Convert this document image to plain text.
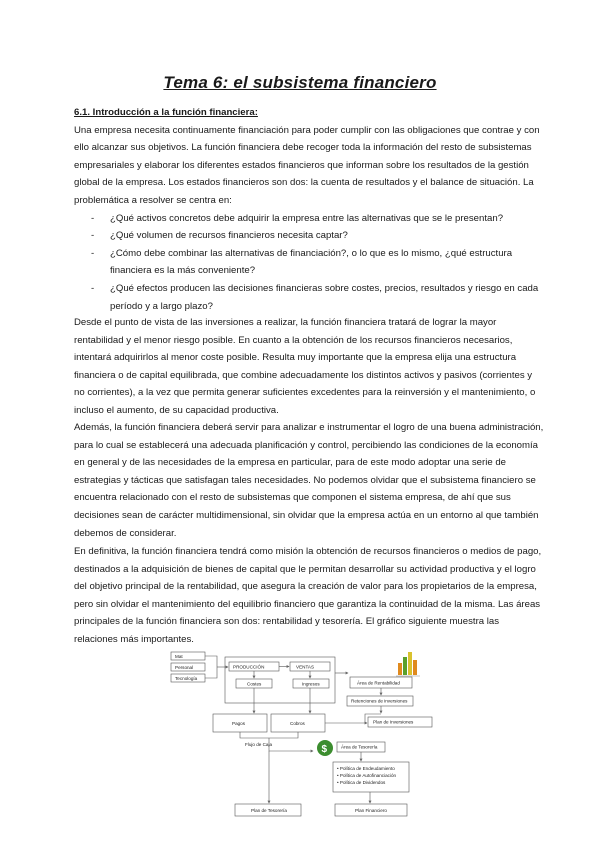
Tema 6: el subsistema financiero
6.1. Introducción a la función financiera:

Una empresa necesita continuamente financiación para poder cumplir con las obligaciones que contrae y con ello alcanzar sus objetivos. La función financiera debe recoger toda la información del resto de subsistemas empresariales y elaborar los diferentes estados financieros que informan sobre los resultados de la gestión global de la empresa. Los estados financieros son dos: la cuenta de resultados y el balance de situación. La problemática a resolver se centra en:

- ¿Qué activos concretos debe adquirir la empresa entre las alternativas que se le presentan?
- ¿Qué volumen de recursos financieros necesita captar?
- ¿Cómo debe combinar las alternativas de financiación?, o lo que es lo mismo, ¿qué estructura financiera es la más conveniente?
- ¿Qué efectos producen las decisiones financieras sobre costes, precios, resultados y riesgo en cada período y a largo plazo?

Desde el punto de vista de las inversiones a realizar, la función financiera tratará de lograr la mayor rentabilidad y el menor riesgo posible. En cuanto a la obtención de los recursos financieros necesarios, intentará adquirirlos al menor coste posible. Resulta muy importante que la empresa elija una estructura financiera o de capital equilibrada, que combine adecuadamente los distintos activos y pasivos (corrientes y no corrientes), a la vez que permita generar suficientes excedentes para la reinversión y el mantenimiento, o incluso el aumento, de su capacidad productiva.

Además, la función financiera deberá servir para analizar e instrumentar el logro de una buena administración, para lo cual se establecerá una adecuada planificación y control, percibiendo las condiciones de la economía en general y de las necesidades de la empresa en particular, para de este modo adoptar una serie de estrategias y tácticas que satisfagan tales necesidades. No podemos olvidar que el subsistema financiero se encuentra relacionado con el resto de subsistemas que componen el sistema empresa, de ahí que sus decisiones sean de carácter multidimensional, sin olvidar que la empresa actúa en un entorno al que también debemos de considerar.

En definitiva, la función financiera tendrá como misión la obtención de recursos financieros o medios de pago, destinados a la adquisición de bienes de capital que le permitan desarrollar su actividad productiva y el logro del objetivo principal de la rentabilidad, que asegura la creación de valor para los propietarios de la empresa, pero sin olvidar el mantenimiento del equilibrio financiero que garantiza la continuidad de la misma. Las áreas principales de la función financiera son dos: rentabilidad y tesorería. El gráfico siguiente muestra las relaciones más importantes.

Mat
Personal
Tecnología
PRODUCCIÓN	VENTAS
Costes	Ingresos	Área de Rentabilidad
Retenciones de inversiones
Pagos	Cobros	Plan de Inversiones
Flujo de Caja	$	Área de Tesorería
• Política de Endeudamiento
• Política de Autofinanciación
• Política de Dividendos
Plan de Tesorería	Plan Financiero
